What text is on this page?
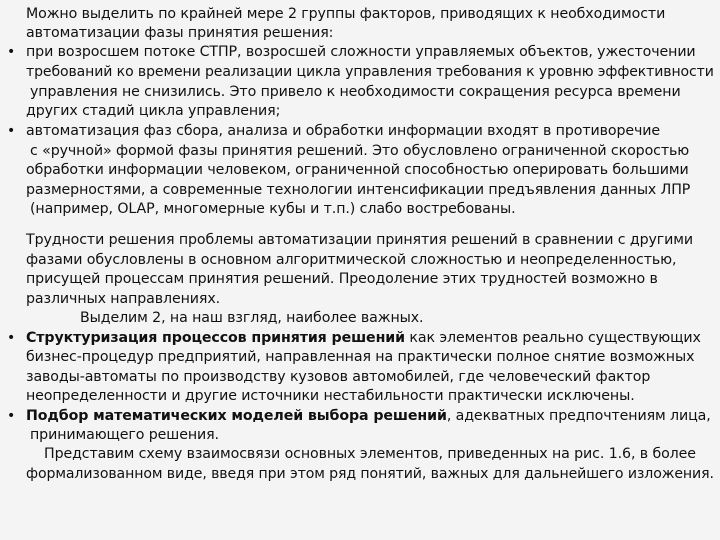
Можно выделить по крайней мере 2 группы факторов, приводящих к необходимости
автоматизации фазы принятия решения:
• при возросшем потоке СТПР, возросшей сложности управляемых объектов, ужесточении
требований ко времени реализации цикла управления требования к уровню эффективности
управления не снизились. Это привело к необходимости сокращения ресурса времени
других стадий цикла управления;
• автоматизация фаз сбора, анализа и обработки информации входят в противоречие
с «ручной» формой фазы принятия решений. Это обусловлено ограниченной скоростью
обработки информации человеком, ограниченной способностью оперировать большими
размерностями, а современные технологии интенсификации предъявления данных ЛПР
(например, OLAP, многомерные кубы и т.п.) слабо востребованы.
Трудности решения проблемы автоматизации принятия решений в сравнении с другими
фазами обусловлены в основном алгоритмической сложностью и неопределенностью,
присущей процессам принятия решений. Преодоление этих трудностей возможно в
различных направлениях.
Выделим 2, на наш взгляд, наиболее важных.
• Структуризация процессов принятия решений как элементов реально существующих
бизнес-процедур предприятий, направленная на практически полное снятие возможных
заводы-автоматы по производству кузовов автомобилей, где человеческий фактор
неопределенности и другие источники нестабильности практически исключены.
• Подбор математических моделей выбора решений, адекватных предпочтениям лица,
принимающего решения.
Представим схему взаимосвязи основных элементов, приведенных на рис. 1.6, в более
формализованном виде, введя при этом ряд понятий, важных для дальнейшего изложения.
